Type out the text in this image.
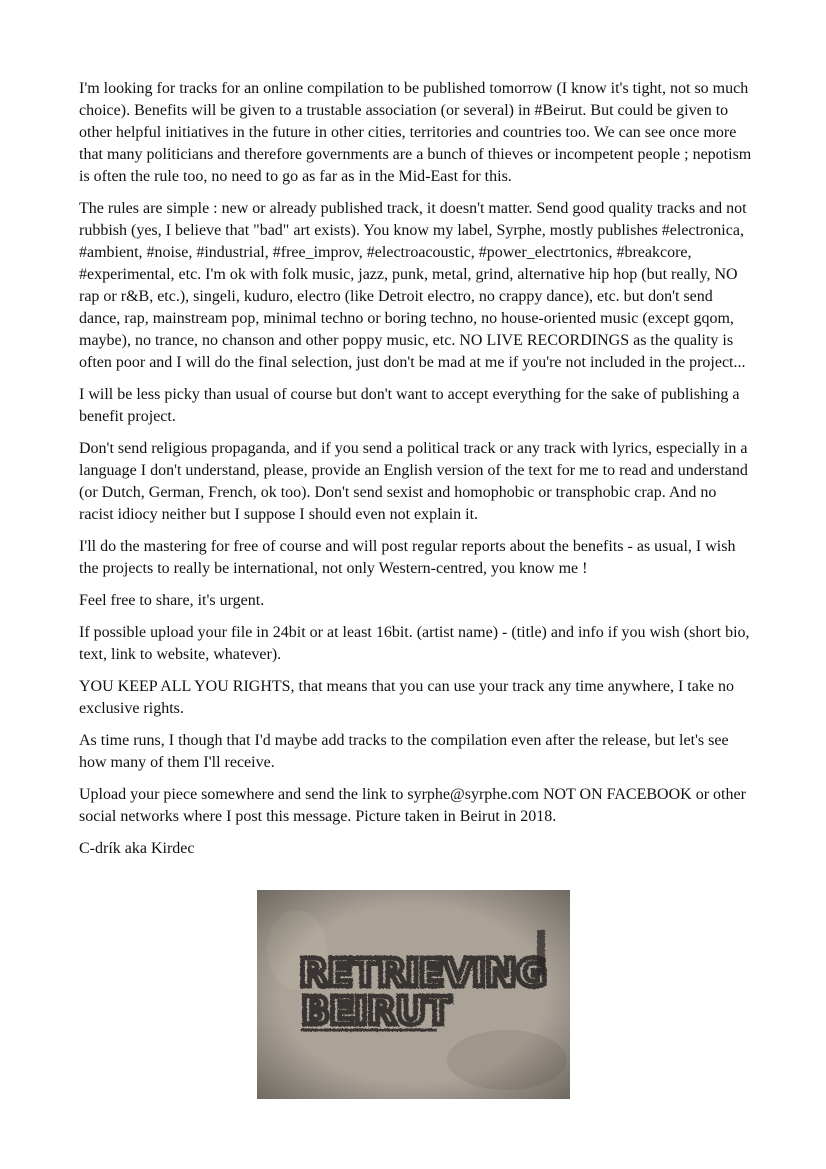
I'm looking for tracks for an online compilation to be published tomorrow (I know it's tight, not so much choice). Benefits will be given to a trustable association (or several) in #Beirut. But could be given to other helpful initiatives in the future in other cities, territories and countries too. We can see once more that many politicians and therefore governments are a bunch of thieves or incompetent people ; nepotism is often the rule too, no need to go as far as in the Mid-East for this.

The rules are simple : new or already published track, it doesn't matter. Send good quality tracks and not rubbish (yes, I believe that "bad" art exists). You know my label, Syrphe, mostly publishes #electronica, #ambient, #noise, #industrial, #free_improv, #electroacoustic, #power_electrtonics, #breakcore, #experimental, etc. I'm ok with folk music, jazz, punk, metal, grind, alternative hip hop (but really, NO rap or r&B, etc.), singeli, kuduro, electro (like Detroit electro, no crappy dance), etc. but don't send dance, rap, mainstream pop, minimal techno or boring techno, no house-oriented music (except gqom, maybe), no trance, no chanson and other poppy music, etc. NO LIVE RECORDINGS as the quality is often poor and I will do the final selection, just don't be mad at me if you're not included in the project...

I will be less picky than usual of course but don't want to accept everything for the sake of publishing a benefit project.

Don't send religious propaganda, and if you send a political track or any track with lyrics, especially in a language I don't understand, please, provide an English version of the text for me to read and understand (or Dutch, German, French, ok too). Don't send sexist and homophobic or transphobic crap. And no racist idiocy neither but I suppose I should even not explain it.

I'll do the mastering for free of course and will post regular reports about the benefits - as usual, I wish the projects to really be international, not only Western-centred, you know me !

Feel free to share, it's urgent.

If possible upload your file in 24bit or at least 16bit. (artist name) - (title) and info if you wish (short bio, text, link to website, whatever).

YOU KEEP ALL YOU RIGHTS, that means that you can use your track any time anywhere, I take no exclusive rights.

As time runs, I though that I'd maybe add tracks to the compilation even after the release, but let's see how many of them I'll receive.

Upload your piece somewhere and send the link to syrphe@syrphe.com NOT ON FACEBOOK or other social networks where I post this message. Picture taken in Beirut in 2018.

C-drík aka Kirdec
